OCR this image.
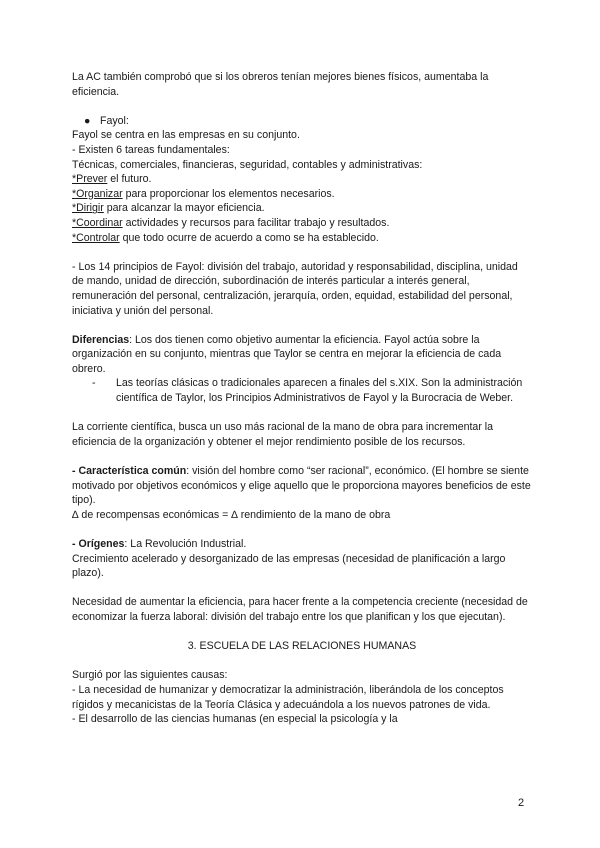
La AC también comprobó que si los obreros tenían mejores bienes físicos, aumentaba la eficiencia.

● Fayol:

Fayol se centra en las empresas en su conjunto.

- Existen 6 tareas fundamentales:

Técnicas, comerciales, financieras, seguridad, contables y administrativas:

*Prever el futuro.

*Organizar para proporcionar los elementos necesarios.

*Dirigir para alcanzar la mayor eficiencia.

*Coordinar actividades y recursos para facilitar trabajo y resultados.

*Controlar que todo ocurre de acuerdo a como se ha establecido.

- Los 14 principios de Fayol: división del trabajo, autoridad y responsabilidad, disciplina, unidad de mando, unidad de dirección, subordinación de interés particular a interés general, remuneración del personal, centralización, jerarquía, orden, equidad, estabilidad del personal, iniciativa y unión del personal.

Diferencias: Los dos tienen como objetivo aumentar la eficiencia. Fayol actúa sobre la organización en su conjunto, mientras que Taylor se centra en mejorar la eficiencia de cada obrero.

-	Las teorías clásicas o tradicionales aparecen a finales del s.XIX. Son la administración científica de Taylor, los Principios Administrativos de Fayol y la Burocracia de Weber.

La corriente científica, busca un uso más racional de la mano de obra para incrementar la eficiencia de la organización y obtener el mejor rendimiento posible de los recursos.

- Característica común: visión del hombre como “ser racional”, económico. (El hombre se siente motivado por objetivos económicos y elige aquello que le proporciona mayores beneficios de este tipo).

∆ de recompensas económicas = ∆ rendimiento de la mano de obra

- Orígenes: La Revolución Industrial.

Crecimiento acelerado y desorganizado de las empresas (necesidad de planificación a largo plazo).

Necesidad de aumentar la eficiencia, para hacer frente a la competencia creciente (necesidad de economizar la fuerza laboral: división del trabajo entre los que planifican y los que ejecutan).

3. ESCUELA DE LAS RELACIONES HUMANAS

Surgió por las siguientes causas:

- La necesidad de humanizar y democratizar la administración, liberándola de los conceptos rígidos y mecanicistas de la Teoría Clásica y adecuándola a los nuevos patrones de vida.

- El desarrollo de las ciencias humanas (en especial la psicología y la

2
